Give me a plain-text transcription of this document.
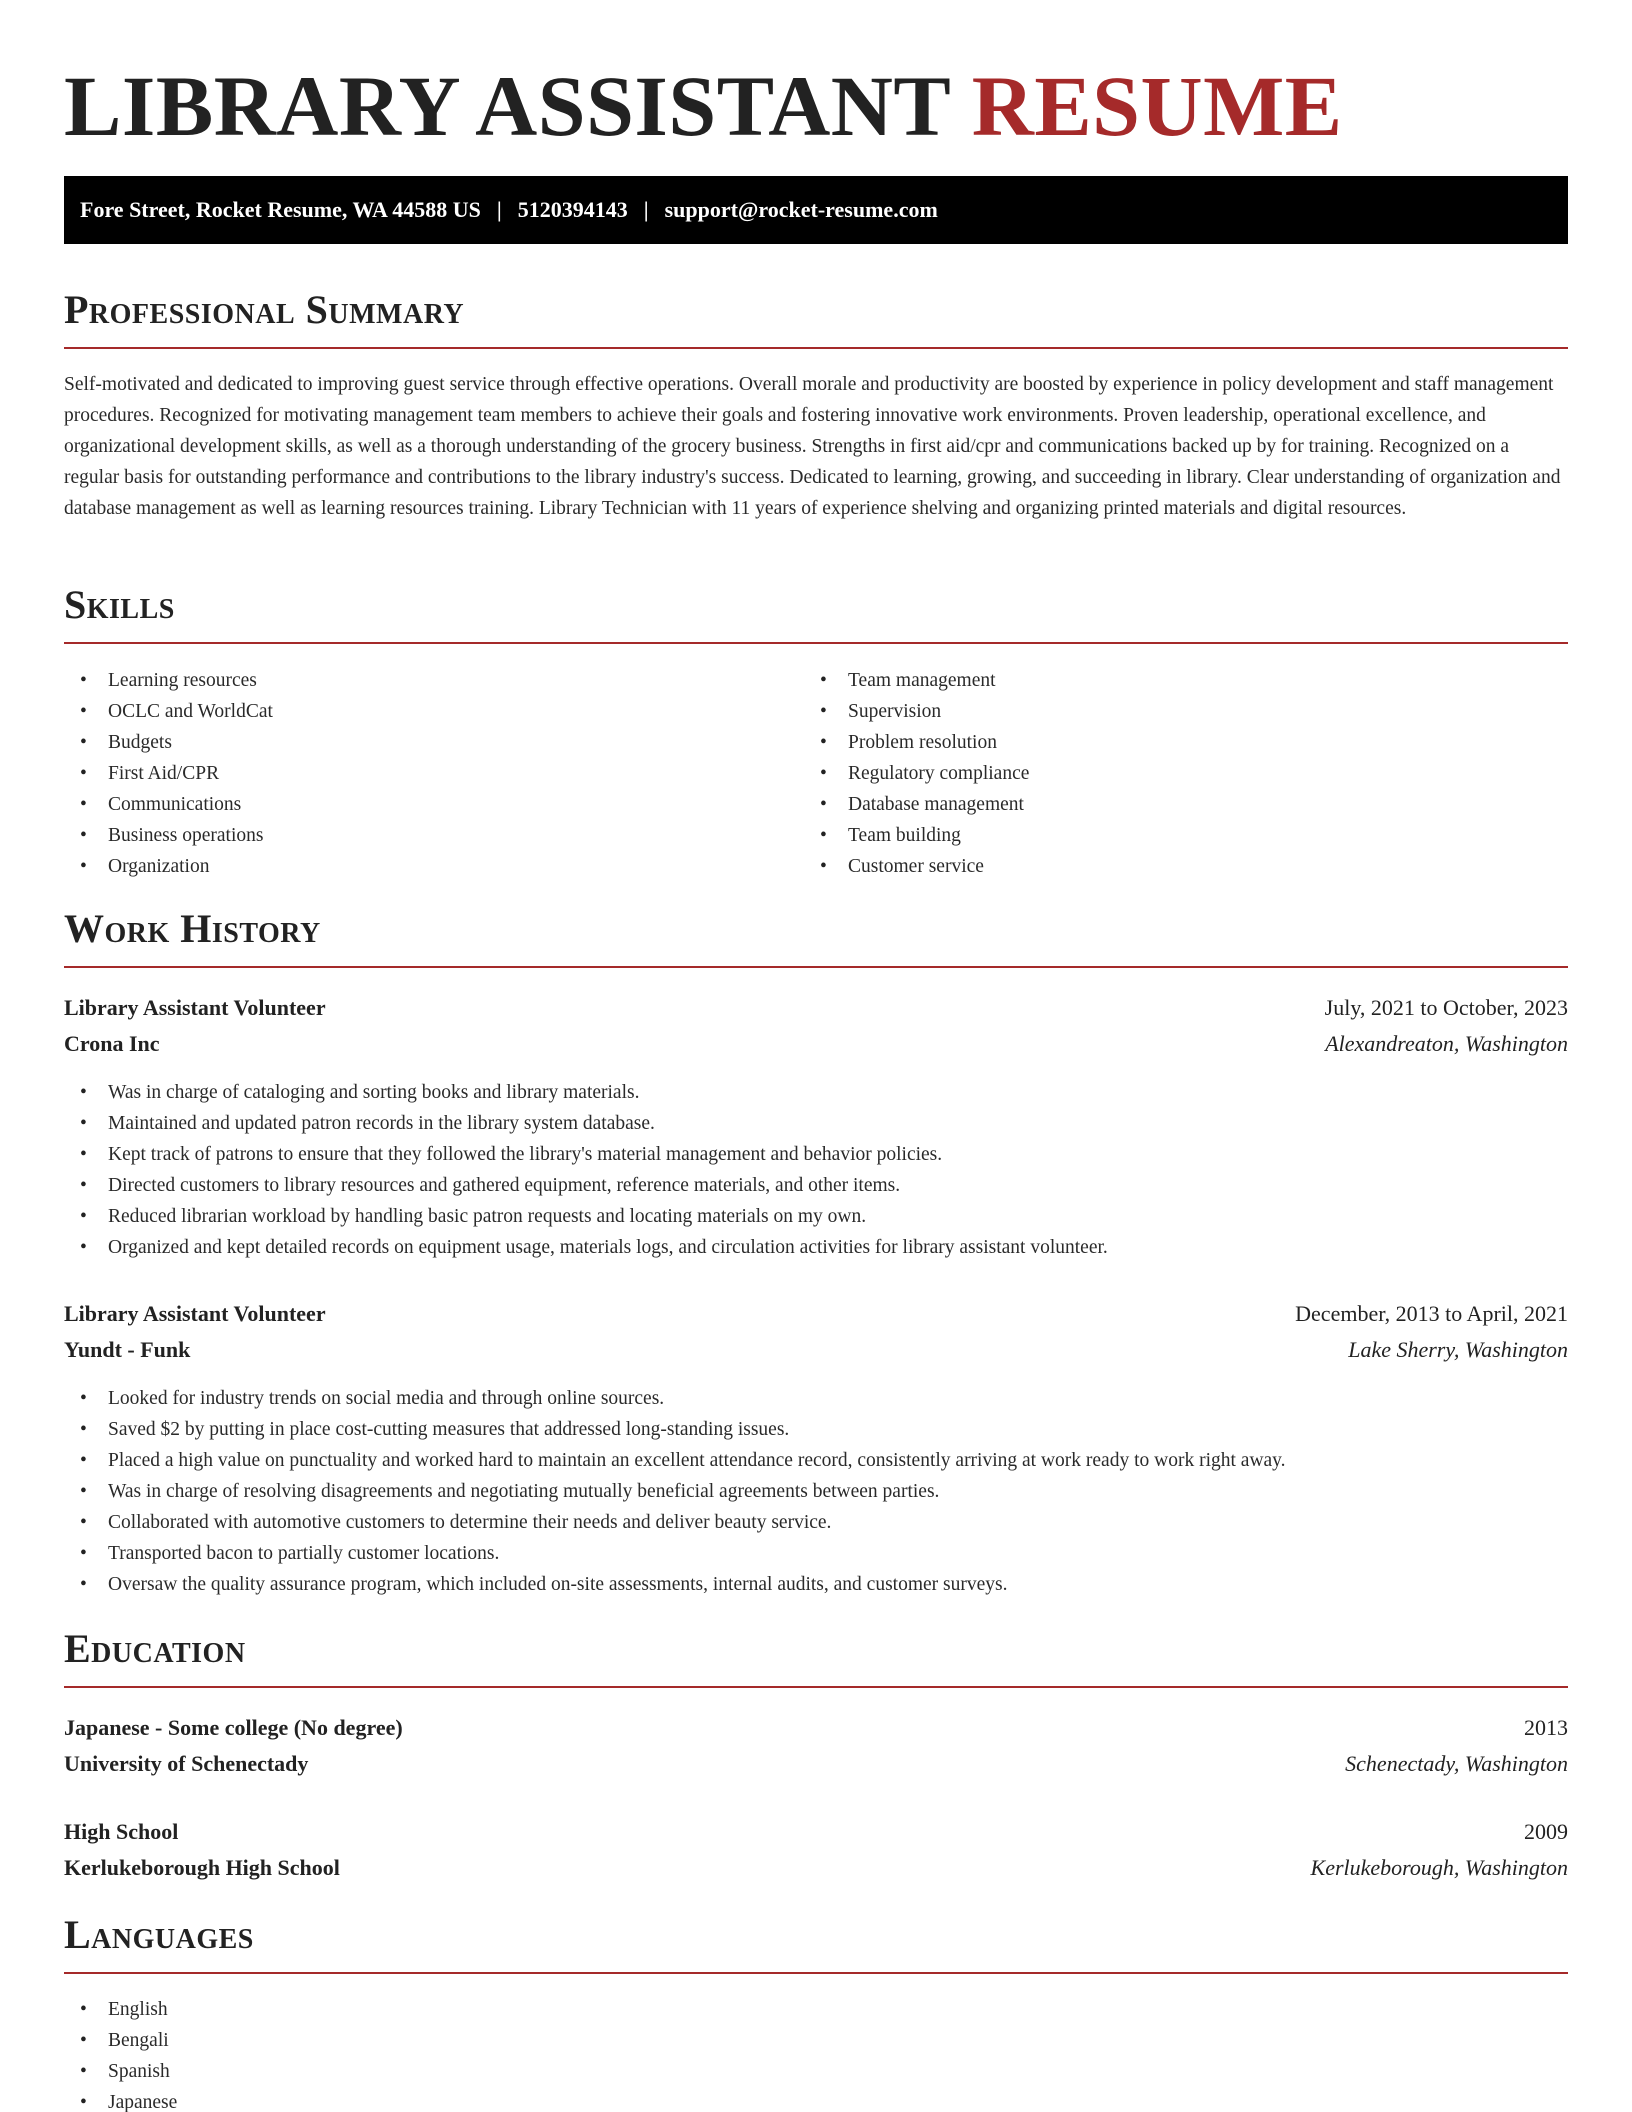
LIBRARY ASSISTANT RESUME
Fore Street, Rocket Resume, WA 44588 US | 5120394143 | support@rocket-resume.com
Professional Summary
Self-motivated and dedicated to improving guest service through effective operations. Overall morale and productivity are boosted by experience in policy development and staff management procedures. Recognized for motivating management team members to achieve their goals and fostering innovative work environments. Proven leadership, operational excellence, and organizational development skills, as well as a thorough understanding of the grocery business. Strengths in first aid/cpr and communications backed up by for training. Recognized on a regular basis for outstanding performance and contributions to the library industry's success. Dedicated to learning, growing, and succeeding in library. Clear understanding of organization and database management as well as learning resources training. Library Technician with 11 years of experience shelving and organizing printed materials and digital resources.
Skills
• Learning resources
• OCLC and WorldCat
• Budgets
• First Aid/CPR
• Communications
• Business operations
• Organization
• Team management
• Supervision
• Problem resolution
• Regulatory compliance
• Database management
• Team building
• Customer service
Work History
Library Assistant Volunteer	July, 2021 to October, 2023
Crona Inc	Alexandreaton, Washington
• Was in charge of cataloging and sorting books and library materials.
• Maintained and updated patron records in the library system database.
• Kept track of patrons to ensure that they followed the library's material management and behavior policies.
• Directed customers to library resources and gathered equipment, reference materials, and other items.
• Reduced librarian workload by handling basic patron requests and locating materials on my own.
• Organized and kept detailed records on equipment usage, materials logs, and circulation activities for library assistant volunteer.
Library Assistant Volunteer	December, 2013 to April, 2021
Yundt - Funk	Lake Sherry, Washington
• Looked for industry trends on social media and through online sources.
• Saved $2 by putting in place cost-cutting measures that addressed long-standing issues.
• Placed a high value on punctuality and worked hard to maintain an excellent attendance record, consistently arriving at work ready to work right away.
• Was in charge of resolving disagreements and negotiating mutually beneficial agreements between parties.
• Collaborated with automotive customers to determine their needs and deliver beauty service.
• Transported bacon to partially customer locations.
• Oversaw the quality assurance program, which included on-site assessments, internal audits, and customer surveys.
Education
Japanese - Some college (No degree)	2013
University of Schenectady	Schenectady, Washington
High School	2009
Kerlukeborough High School	Kerlukeborough, Washington
Languages
• English
• Bengali
• Spanish
• Japanese
